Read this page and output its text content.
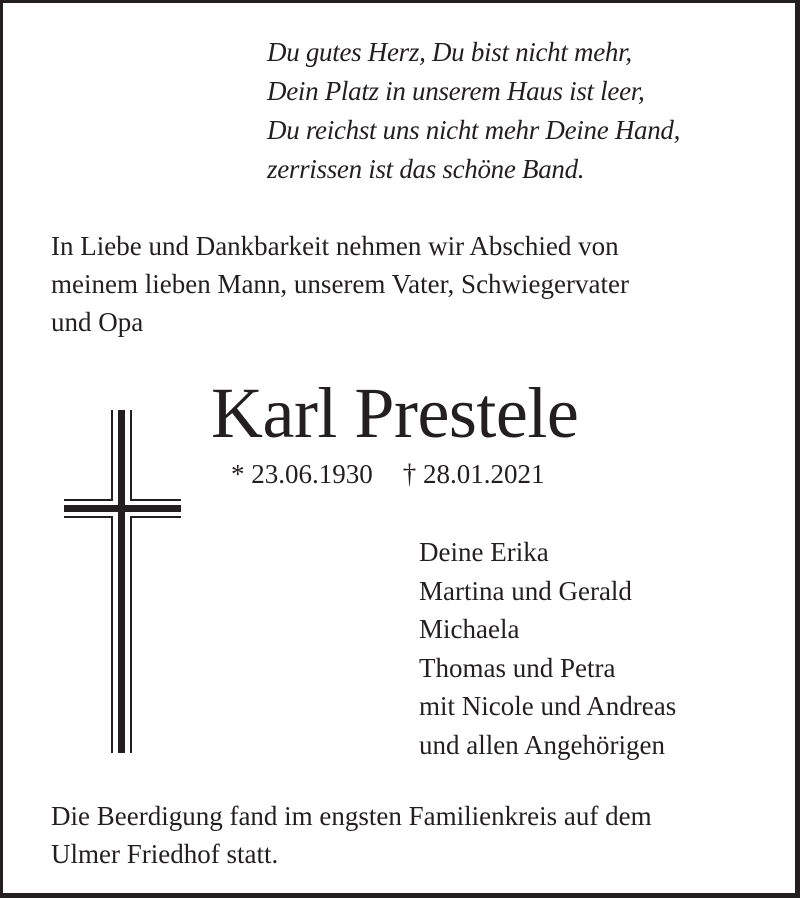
Du gutes Herz, Du bist nicht mehr,
Dein Platz in unserem Haus ist leer,
Du reichst uns nicht mehr Deine Hand,
zerrissen ist das schöne Band.
In Liebe und Dankbarkeit nehmen wir Abschied von
meinem lieben Mann, unserem Vater, Schwiegervater
und Opa
Karl Prestele
* 23.06.1930 † 28.01.2021
Deine Erika
Martina und Gerald
Michaela
Thomas und Petra
mit Nicole und Andreas
und allen Angehörigen
Die Beerdigung fand im engsten Familienkreis auf dem
Ulmer Friedhof statt.
